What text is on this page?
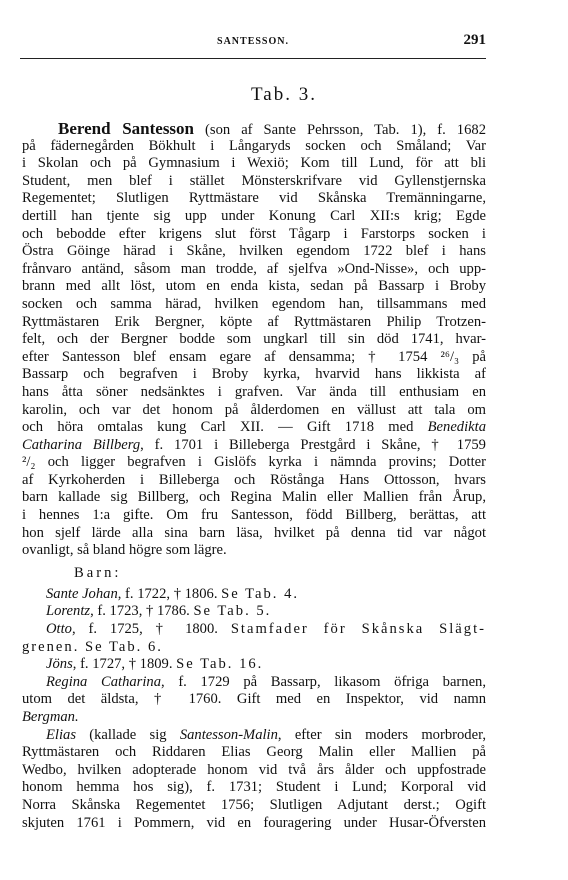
SANTESSON.	291
Tab. 3.
Berend Santesson (son af Sante Pehrsson, Tab. 1), f. 1682
på fädernegården Bökhult i Långaryds socken och Småland; Var
i Skolan och på Gymnasium i Wexiö; Kom till Lund, för att bli
Student, men blef i stället Mönsterskrifvare vid Gyllenstjernska
Regementet; Slutligen Ryttmästare vid Skånska Tremänningarne,
dertill han tjente sig upp under Konung Carl XII:s krig; Egde
och bebodde efter krigens slut först Tågarp i Farstorps socken i
Östra Göinge härad i Skåne, hvilken egendom 1722 blef i hans
frånvaro antänd, såsom man trodde, af sjelfva »Ond-Nisse», och upp-
brann med allt löst, utom en enda kista, sedan på Bassarp i Broby
socken och samma härad, hvilken egendom han, tillsammans med
Ryttmästaren Erik Bergner, köpte af Ryttmästaren Philip Trotzen-
felt, och der Bergner bodde som ungkarl till sin död 1741, hvar-
efter Santesson blef ensam egare af densamma; † 1754 ²⁶/₃ på
Bassarp och begrafven i Broby kyrka, hvarvid hans likkista af
hans åtta söner nedsänktes i grafven. Var ända till enthusiam en
karolin, och var det honom på ålderdomen en vällust att tala om
och höra omtalas kung Carl XII. — Gift 1718 med Benedikta
Catharina Billberg, f. 1701 i Billeberga Prestgård i Skåne, † 1759
²/₂ och ligger begrafven i Gislöfs kyrka i nämnda provins; Dotter
af Kyrkoherden i Billeberga och Röstånga Hans Ottosson, hvars
barn kallade sig Billberg, och Regina Malin eller Mallien från Årup,
i hennes 1:a gifte. Om fru Santesson, född Billberg, berättas, att
hon sjelf lärde alla sina barn läsa, hvilket på denna tid var något
ovanligt, så bland högre som lägre.
Barn:
Sante Johan, f. 1722, † 1806. Se Tab. 4.
Lorentz, f. 1723, † 1786. Se Tab. 5.
Otto, f. 1725, † 1800. Stamfader för Skånska Slägt-
grenen. Se Tab. 6.
Jöns, f. 1727, † 1809. Se Tab. 16.
Regina Catharina, f. 1729 på Bassarp, likasom öfriga barnen,
utom det äldsta, † 1760. Gift med en Inspektor, vid namn
Bergman.
Elias (kallade sig Santesson-Malin, efter sin moders morbroder,
Ryttmästaren och Riddaren Elias Georg Malin eller Mallien på
Wedbo, hvilken adopterade honom vid två års ålder och uppfostrade
honom hemma hos sig), f. 1731; Student i Lund; Korporal vid
Norra Skånska Regementet 1756; Slutligen Adjutant derst.; Ogift
skjuten 1761 i Pommern, vid en fouragering under Husar-Öfversten
